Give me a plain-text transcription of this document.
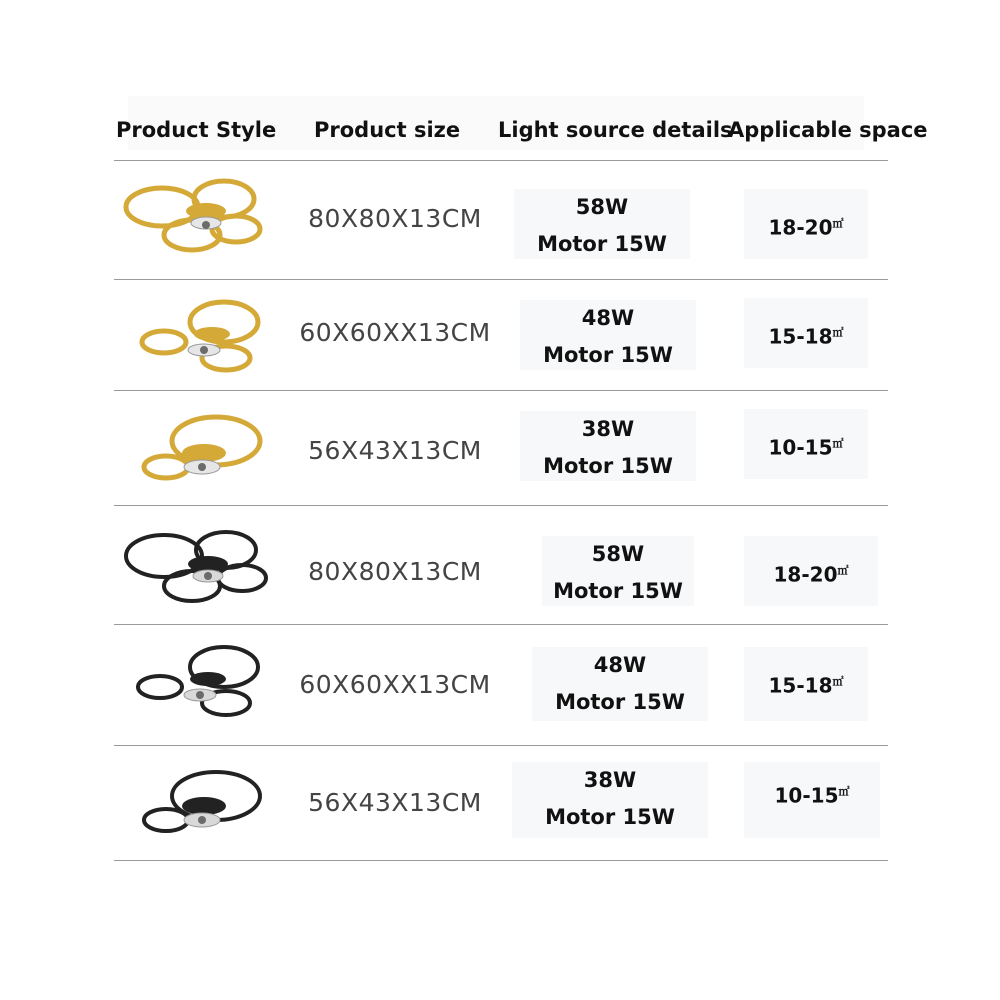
Product Style Product size Light source details
Applicable space
80X80X13CM	58W
Motor 15W
18-20㎡
60X60XX13CM	48W
Motor 15W
15-18㎡
56X43X13CM
38W
Motor 15W
10-15㎡
80X80X13CM
58W
Motor 15W
18-20㎡
60X60XX13CM
48W
Motor 15W
15-18㎡
56X43X13CM
38W
Motor 15W
10-15㎡
